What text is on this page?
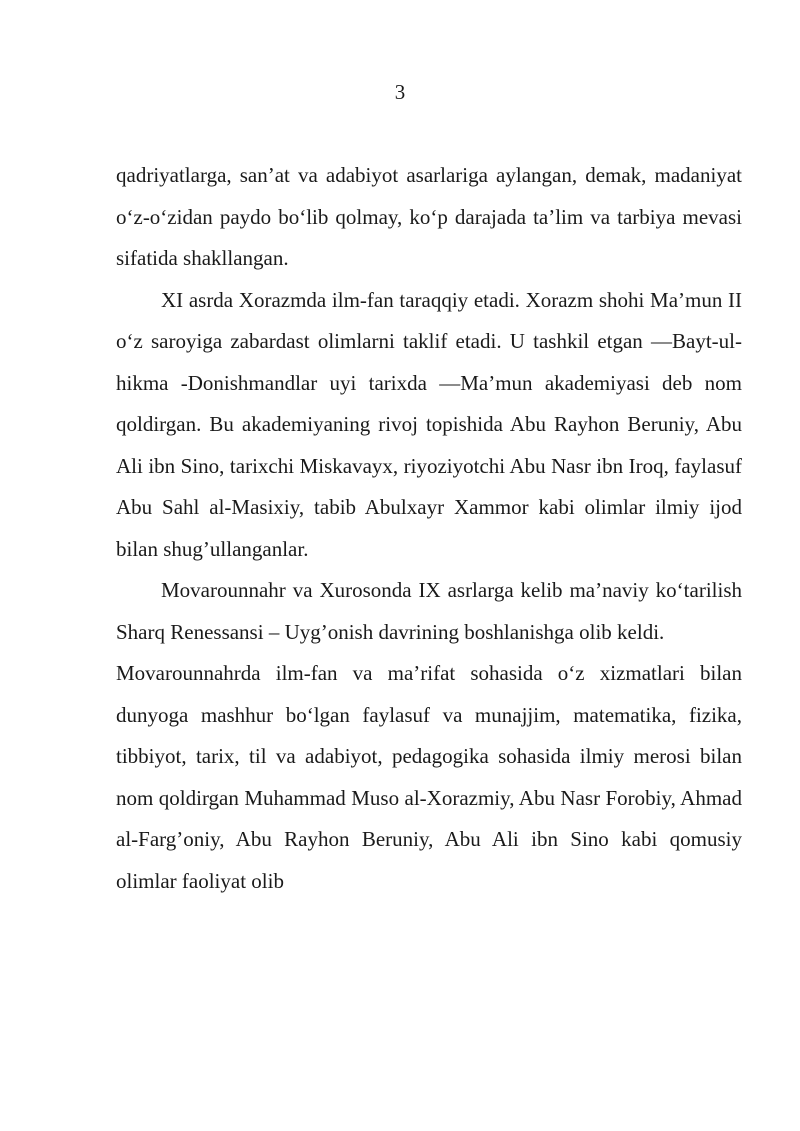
3

qadriyatlarga, san’at va adabiyot asarlariga aylangan, demak, madaniyat o‘z-o‘zidan paydo bo‘lib qolmay, ko‘p darajada ta’lim va tarbiya mevasi sifatida shakllangan.

XI asrda Xorazmda ilm-fan taraqqiy etadi. Xorazm shohi Ma’mun II o‘z saroyiga zabardast olimlarni taklif etadi. U tashkil etgan ―Bayt-ul-hikma -Donishmandlar uyi tarixda ―Ma’mun akademiyasi deb nom qoldirgan. Bu akademiyaning rivoj topishida Abu Rayhon Beruniy, Abu Ali ibn Sino, tarixchi Miskavayx, riyoziyotchi Abu Nasr ibn Iroq, faylasuf Abu Sahl al-Masixiy, tabib Abulxayr Xammor kabi olimlar ilmiy ijod bilan shug’ullanganlar.

Movarounnahr va Xurosonda IX asrlarga kelib ma’naviy ko‘tarilish Sharq Renessansi – Uyg’onish davrining boshlanishga olib keldi.

Movarounnahrda ilm-fan va ma’rifat sohasida o‘z xizmatlari bilan dunyoga mashhur bo‘lgan faylasuf va munajjim, matematika, fizika, tibbiyot, tarix, til va adabiyot, pedagogika sohasida ilmiy merosi bilan nom qoldirgan Muhammad Muso al-Xorazmiy, Abu Nasr Forobiy, Ahmad al-Farg’oniy, Abu Rayhon Beruniy, Abu Ali ibn Sino kabi qomusiy olimlar faoliyat olib
